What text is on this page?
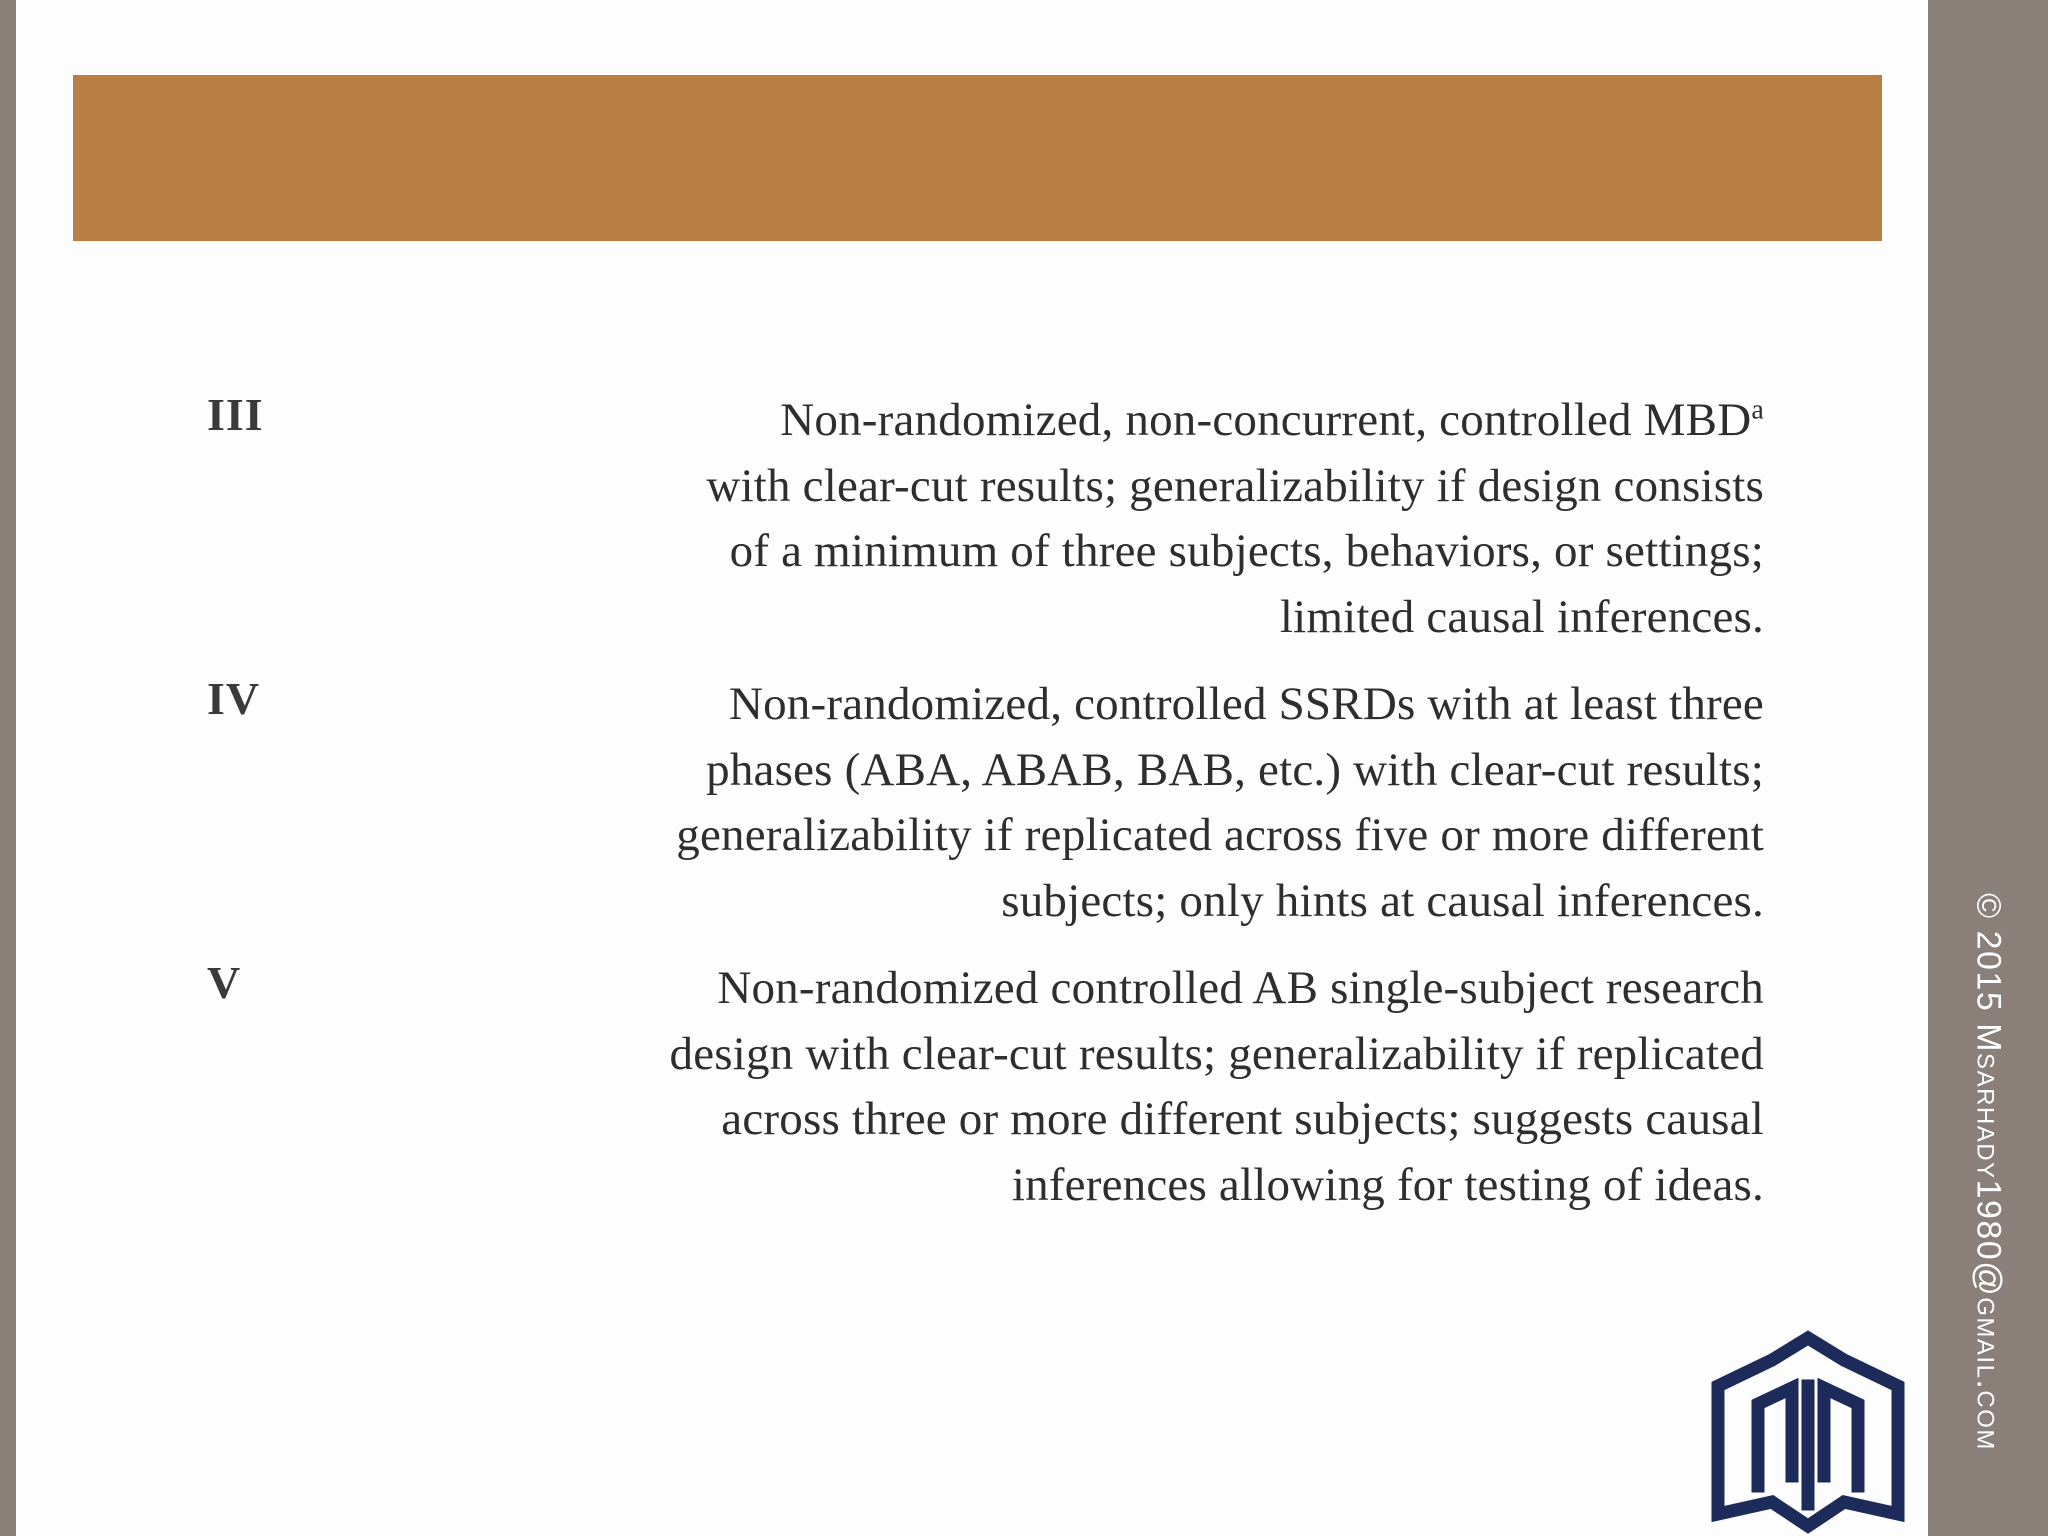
III	Non-randomized, non-concurrent, controlled MBD$^a$
with clear-cut results; generalizability if design consists
of a minimum of three subjects, behaviors, or settings;
limited causal inferences.
IV	Non-randomized, controlled SSRDs with at least three
phases (ABA, ABAB, BAB, etc.) with clear-cut results;
generalizability if replicated across five or more different
subjects; only hints at causal inferences.
V	Non-randomized controlled AB single-subject research
design with clear-cut results; generalizability if replicated
across three or more different subjects; suggests causal
inferences allowing for testing of ideas.
© 2015 Msarhady1980@gmail.com
